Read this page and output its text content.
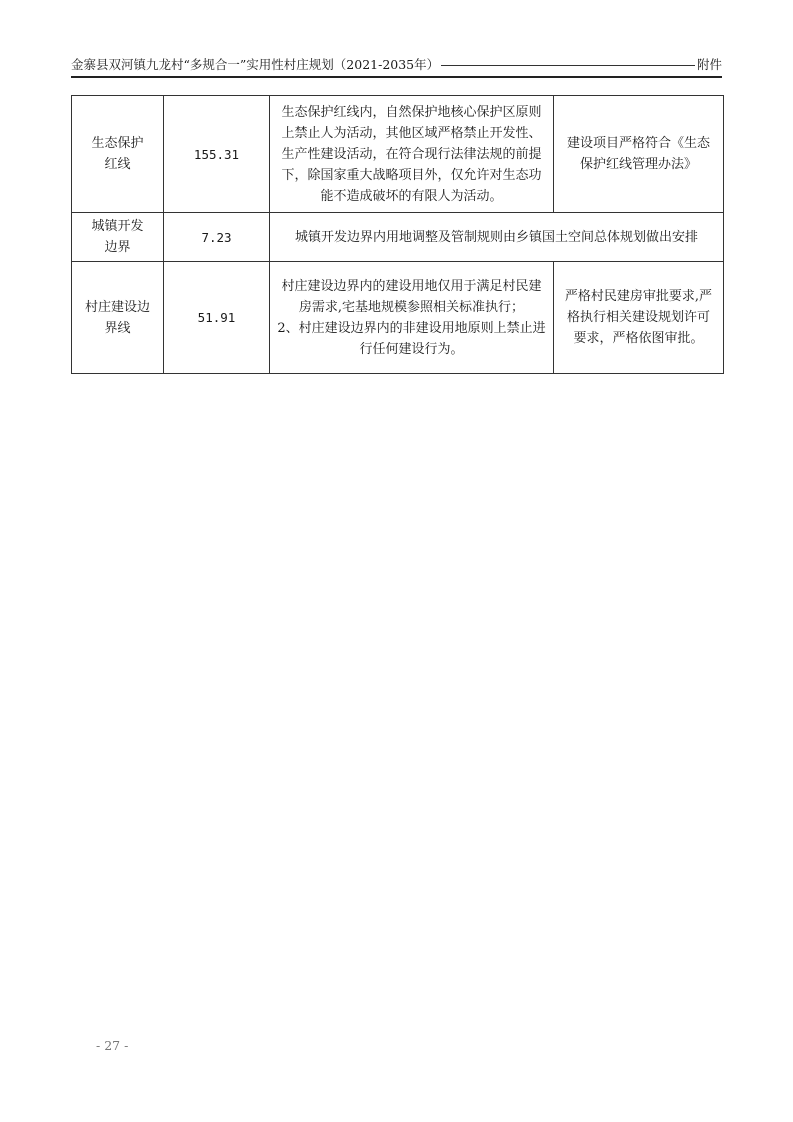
金寨县双河镇九龙村“多规合一”实用性村庄规划（2021-2035年）	附件
生态保护红线	155.31	生态保护红线内，自然保护地核心保护区原则上禁止人为活动，其他区域严格禁止开发性、生产性建设活动，在符合现行法律法规的前提下，除国家重大战略项目外，仅允许对生态功能不造成破坏的有限人为活动。	建设项目严格符合《生态保护红线管理办法》

城镇开发边界	7.23	城镇开发边界内用地调整及管制规则由乡镇国土空间总体规划做出安排	

村庄建设边界线	51.91	村庄建设边界内的建设用地仅用于满足村民建房需求,宅基地规模参照相关标准执行；
2、村庄建设边界内的非建设用地原则上禁止进行任何建设行为。	严格村民建房审批要求,严格执行相关建设规划许可要求，严格依图审批。
- 27 -
